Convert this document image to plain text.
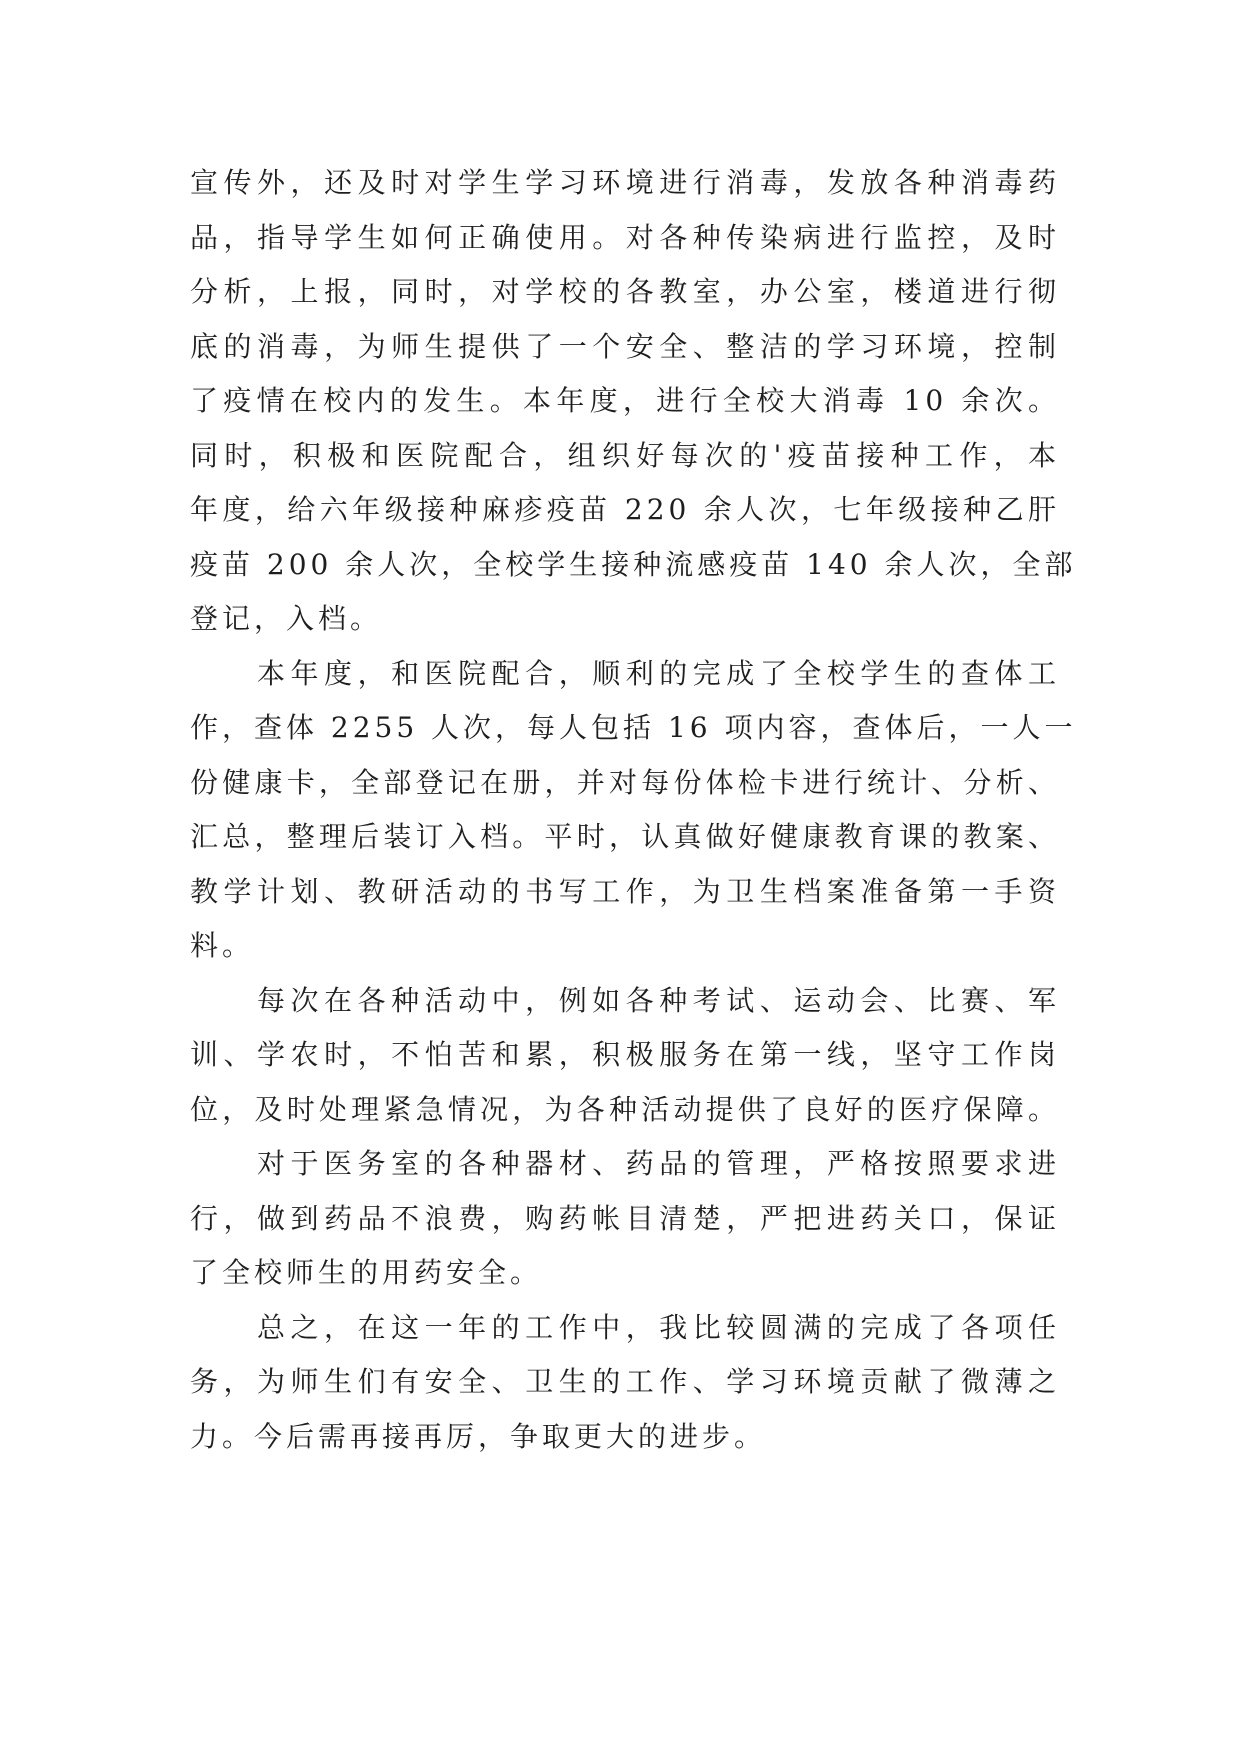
宣传外，还及时对学生学习环境进行消毒，发放各种消毒药
品，指导学生如何正确使用。对各种传染病进行监控，及时
分析，上报，同时，对学校的各教室，办公室，楼道进行彻
底的消毒，为师生提供了一个安全、整洁的学习环境，控制
了疫情在校内的发生。本年度，进行全校大消毒 10 余次。
同时，积极和医院配合，组织好每次的'疫苗接种工作，本
年度，给六年级接种麻疹疫苗 220 余人次，七年级接种乙肝
疫苗 200 余人次，全校学生接种流感疫苗 140 余人次，全部
登记，入档。
本年度，和医院配合，顺利的完成了全校学生的查体工
作，查体 2255 人次，每人包括 16 项内容，查体后，一人一
份健康卡，全部登记在册，并对每份体检卡进行统计、分析、
汇总，整理后装订入档。平时，认真做好健康教育课的教案、
教学计划、教研活动的书写工作，为卫生档案准备第一手资
料。
每次在各种活动中，例如各种考试、运动会、比赛、军
训、学农时，不怕苦和累，积极服务在第一线，坚守工作岗
位，及时处理紧急情况，为各种活动提供了良好的医疗保障。
对于医务室的各种器材、药品的管理，严格按照要求进
行，做到药品不浪费，购药帐目清楚，严把进药关口，保证
了全校师生的用药安全。
总之，在这一年的工作中，我比较圆满的完成了各项任
务，为师生们有安全、卫生的工作、学习环境贡献了微薄之
力。今后需再接再厉，争取更大的进步。
